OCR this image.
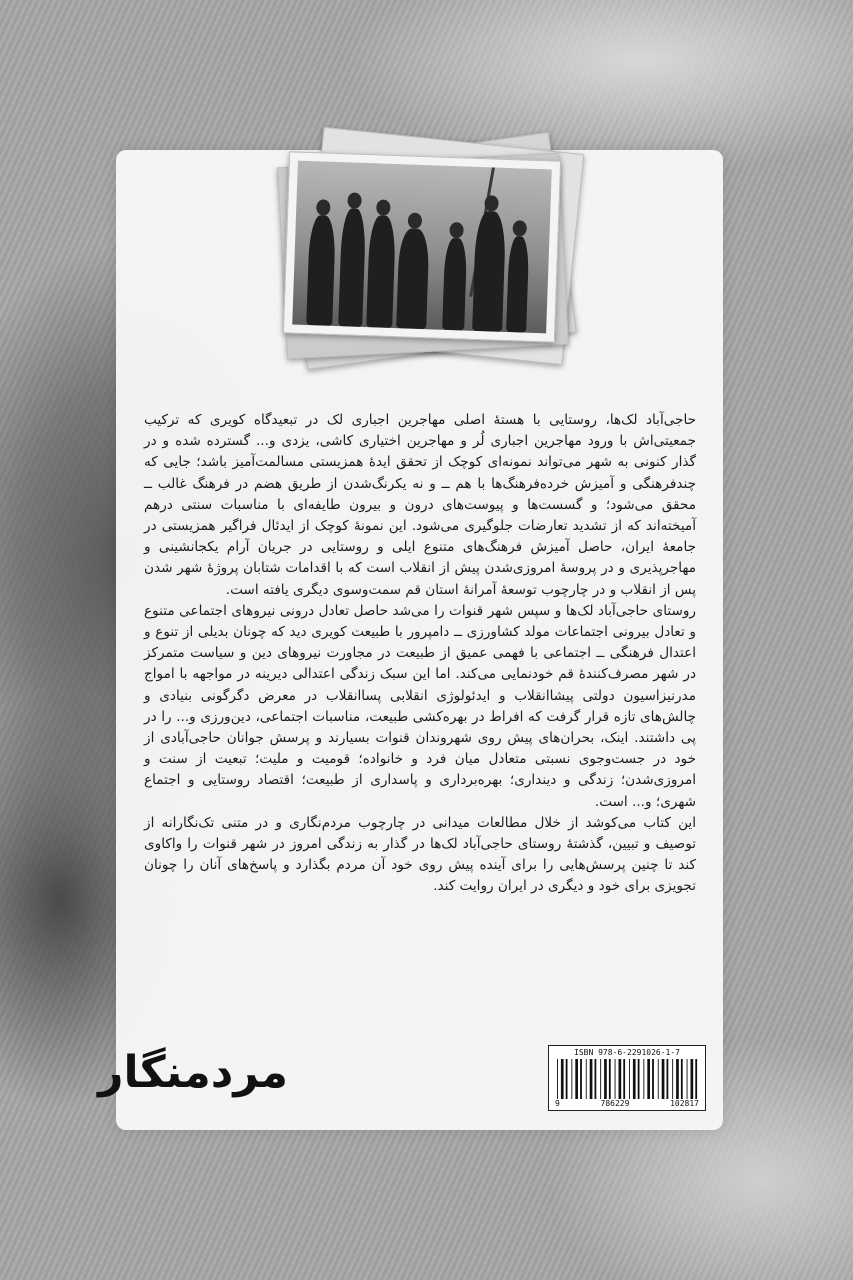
حاجی‌آباد لک‌ها، روستایی با هستهٔ اصلی مهاجرین اجباری لک در تبعیدگاه کویری که ترکیب جمعیتی‌اش با ورود مهاجرین اجباری لُر و مهاجرین اختیاری کاشی، یزدی و... گسترده شده و در گذار کنونی به شهر می‌تواند نمونه‌ای کوچک از تحقق ایدهٔ همزیستی مسالمت‌آمیز باشد؛ جایی که چندفرهنگی و آمیزش خرده‌فرهنگ‌ها با هم ــ و نه یکرنگ‌شدن از طریق هضم در فرهنگ غالب ــ محقق می‌شود؛ و گسست‌ها و پیوست‌های درون و بیرون طایفه‌ای با مناسبات سنتی درهم آمیخته‌اند که از تشدید تعارضات جلوگیری می‌شود. این نمونهٔ کوچک از ایدئال فراگیر همزیستی در جامعهٔ ایران، حاصل آمیزش فرهنگ‌های متنوع ایلی و روستایی در جریان آرام یکجانشینی و مهاجرپذیری و در پروسهٔ امروزی‌شدن پیش از انقلاب است که با اقدامات شتابان پروژهٔ شهر شدن پس از انقلاب و در چارچوب توسعهٔ آمرانهٔ استان قم سمت‌وسوی دیگری یافته است.

روستای حاجی‌آباد لک‌ها و سپس شهر قنوات را می‌شد حاصل تعادل درونی نیروهای اجتماعی متنوع و تعادل بیرونی اجتماعات مولد کشاورزی ــ دامپرور با طبیعت کویری دید که چونان بدیلی از تنوع و اعتدال فرهنگی ــ اجتماعی با فهمی عمیق از طبیعت در مجاورت نیروهای دین و سیاست متمرکز در شهر مصرف‌کنندهٔ قم خودنمایی می‌کند. اما این سبک زندگی اعتدالی دیرینه در مواجهه با امواج مدرنیزاسیون دولتی پیشاانقلاب و ایدئولوژی انقلابی پساانقلاب در معرض دگرگونی بنیادی و چالش‌های تازه قرار گرفت که افراط در بهره‌کشی طبیعت، مناسبات اجتماعی، دین‌ورزی و... را در پی داشتند. اینک، بحران‌های پیش روی شهروندان قنوات بسیارند و پرسش جوانان حاجی‌آبادی از خود در جست‌وجوی نسبتی متعادل میان فرد و خانواده؛ قومیت و ملیت؛ تبعیت از سنت و امروزی‌شدن؛ زندگی و دینداری؛ بهره‌برداری و پاسداری از طبیعت؛ اقتصاد روستایی و اجتماع شهری؛ و... است.

این کتاب می‌کوشد از خلال مطالعات میدانی در چارچوب مردم‌نگاری و در متنی تک‌نگارانه از توصیف و تبیین، گذشتهٔ روستای حاجی‌آباد لک‌ها در گذار به زندگی امروز در شهر قنوات را واکاوی کند تا چنین پرسش‌هایی را برای آینده پیش روی خود آن مردم بگذارد و پاسخ‌های آنان را چونان تجویزی برای خود و دیگری در ایران روایت کند.

مردمنگار	ISBN 978-6-2291026-1-7
9	786229	102817
